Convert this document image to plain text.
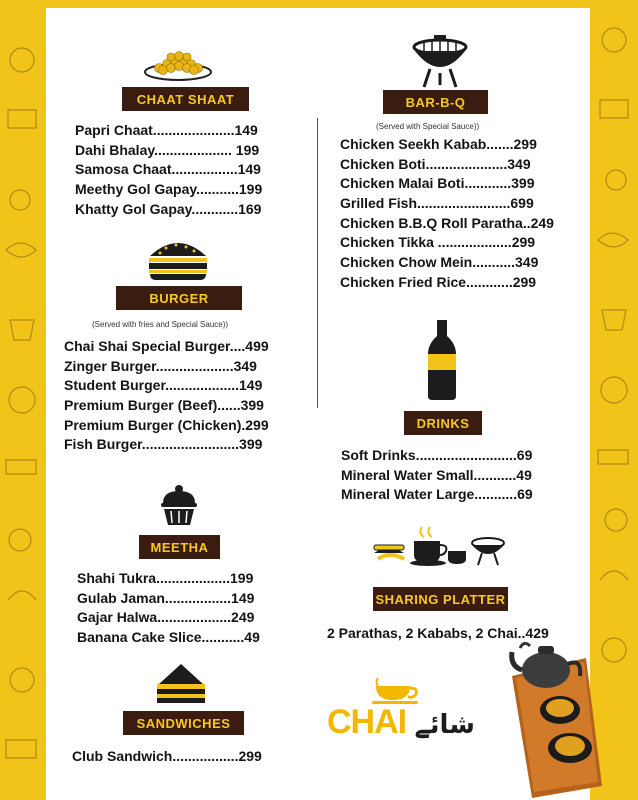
CHAAT SHAAT
Papri Chaat.....................149
Dahi Bhalay.................... 199
Samosa Chaat.................149
Meethy Gol Gapay...........199
Khatty Gol Gapay............169
BURGER
(Served with fries and Special Sauce))
Chai Shai Special Burger....499
Zinger Burger....................349
Student Burger...................149
Premium Burger (Beef)......399
Premium Burger (Chicken).299
Fish Burger.........................399
MEETHA
Shahi Tukra...................199
Gulab Jaman.................149
Gajar Halwa...................249
Banana Cake Slice...........49
SANDWICHES
Club Sandwich.................299
BAR-B-Q
(Served with Special Sauce))
Chicken Seekh Kabab.......299
Chicken Boti.....................349
Chicken Malai Boti............399
Grilled Fish........................699
Chicken B.B.Q Roll Paratha..249
Chicken Tikka ...................299
Chicken Chow Mein...........349
Chicken Fried Rice............299
DRINKS
Soft Drinks..........................69
Mineral Water Small...........49
Mineral Water Large...........69
SHARING PLATTER
2 Parathas, 2 Kababs, 2 Chai..429
CHAI شائے
